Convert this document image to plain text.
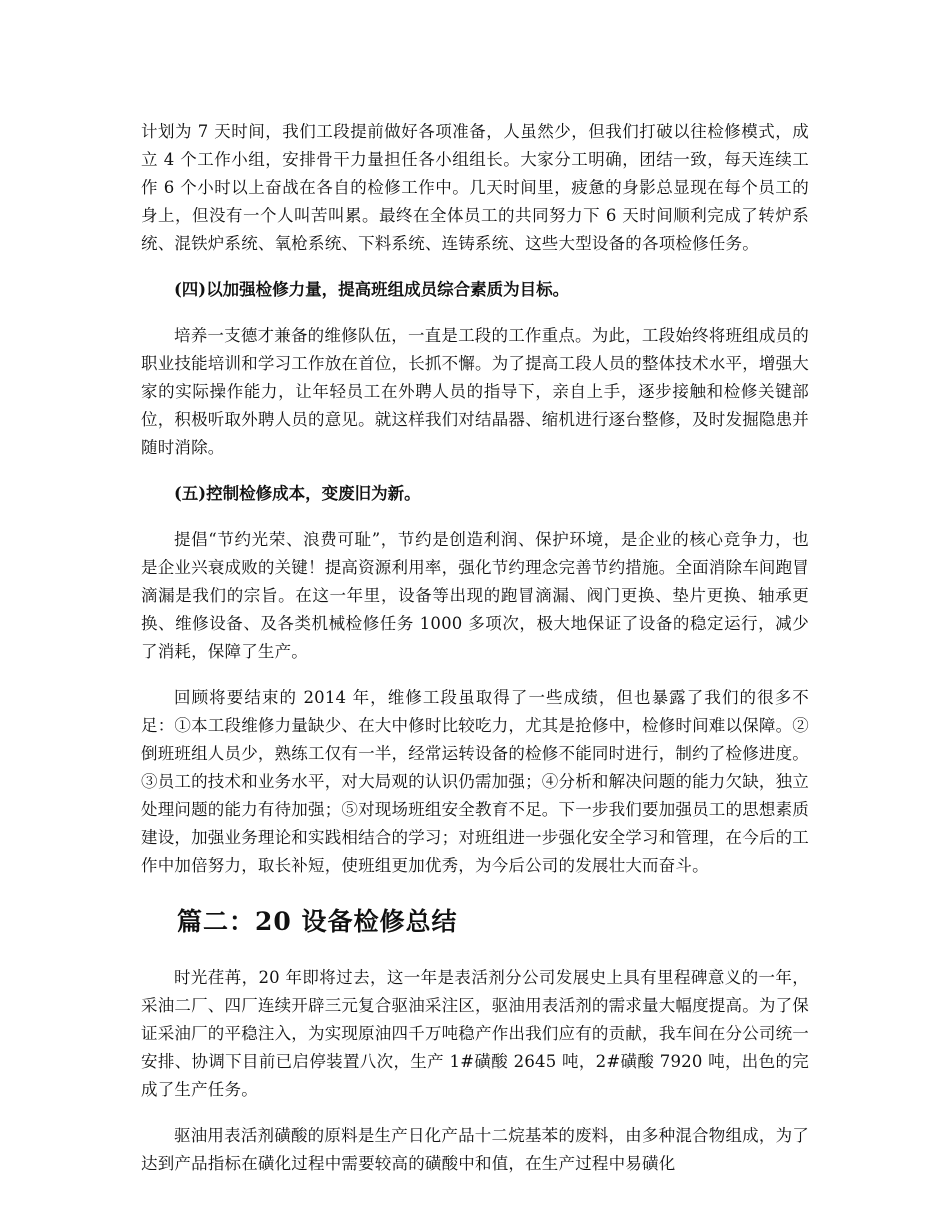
计划为 7 天时间，我们工段提前做好各项准备，人虽然少，但我们打破以往检修模式，成立 4 个工作小组，安排骨干力量担任各小组组长。大家分工明确，团结一致，每天连续工作 6 个小时以上奋战在各自的检修工作中。几天时间里，疲惫的身影总显现在每个员工的身上，但没有一个人叫苦叫累。最终在全体员工的共同努力下 6 天时间顺利完成了转炉系统、混铁炉系统、氧枪系统、下料系统、连铸系统、这些大型设备的各项检修任务。

(四)以加强检修力量，提高班组成员综合素质为目标。

培养一支德才兼备的维修队伍，一直是工段的工作重点。为此，工段始终将班组成员的职业技能培训和学习工作放在首位，长抓不懈。为了提高工段人员的整体技术水平，增强大家的实际操作能力，让年轻员工在外聘人员的指导下，亲自上手，逐步接触和检修关键部位，积极听取外聘人员的意见。就这样我们对结晶器、缩机进行逐台整修，及时发掘隐患并随时消除。

(五)控制检修成本，变废旧为新。

提倡“节约光荣、浪费可耻”，节约是创造利润、保护环境，是企业的核心竞争力，也是企业兴衰成败的关键！提高资源利用率，强化节约理念完善节约措施。全面消除车间跑冒滴漏是我们的宗旨。在这一年里，设备等出现的跑冒滴漏、阀门更换、垫片更换、轴承更换、维修设备、及各类机械检修任务 1000 多项次，极大地保证了设备的稳定运行，减少了消耗，保障了生产。

回顾将要结束的 2014 年，维修工段虽取得了一些成绩，但也暴露了我们的很多不足：①本工段维修力量缺少、在大中修时比较吃力，尤其是抢修中，检修时间难以保障。②倒班班组人员少，熟练工仅有一半，经常运转设备的检修不能同时进行，制约了检修进度。③员工的技术和业务水平，对大局观的认识仍需加强；④分析和解决问题的能力欠缺，独立处理问题的能力有待加强；⑤对现场班组安全教育不足。下一步我们要加强员工的思想素质建设，加强业务理论和实践相结合的学习；对班组进一步强化安全学习和管理，在今后的工作中加倍努力，取长补短，使班组更加优秀，为今后公司的发展壮大而奋斗。

篇二：20 设备检修总结

时光荏苒，20 年即将过去，这一年是表活剂分公司发展史上具有里程碑意义的一年，采油二厂、四厂连续开辟三元复合驱油采注区，驱油用表活剂的需求量大幅度提高。为了保证采油厂的平稳注入，为实现原油四千万吨稳产作出我们应有的贡献，我车间在分公司统一安排、协调下目前已启停装置八次，生产 1#磺酸 2645 吨，2#磺酸 7920 吨，出色的完成了生产任务。

驱油用表活剂磺酸的原料是生产日化产品十二烷基苯的废料，由多种混合物组成，为了达到产品指标在磺化过程中需要较高的磺酸中和值，在生产过程中易磺化
